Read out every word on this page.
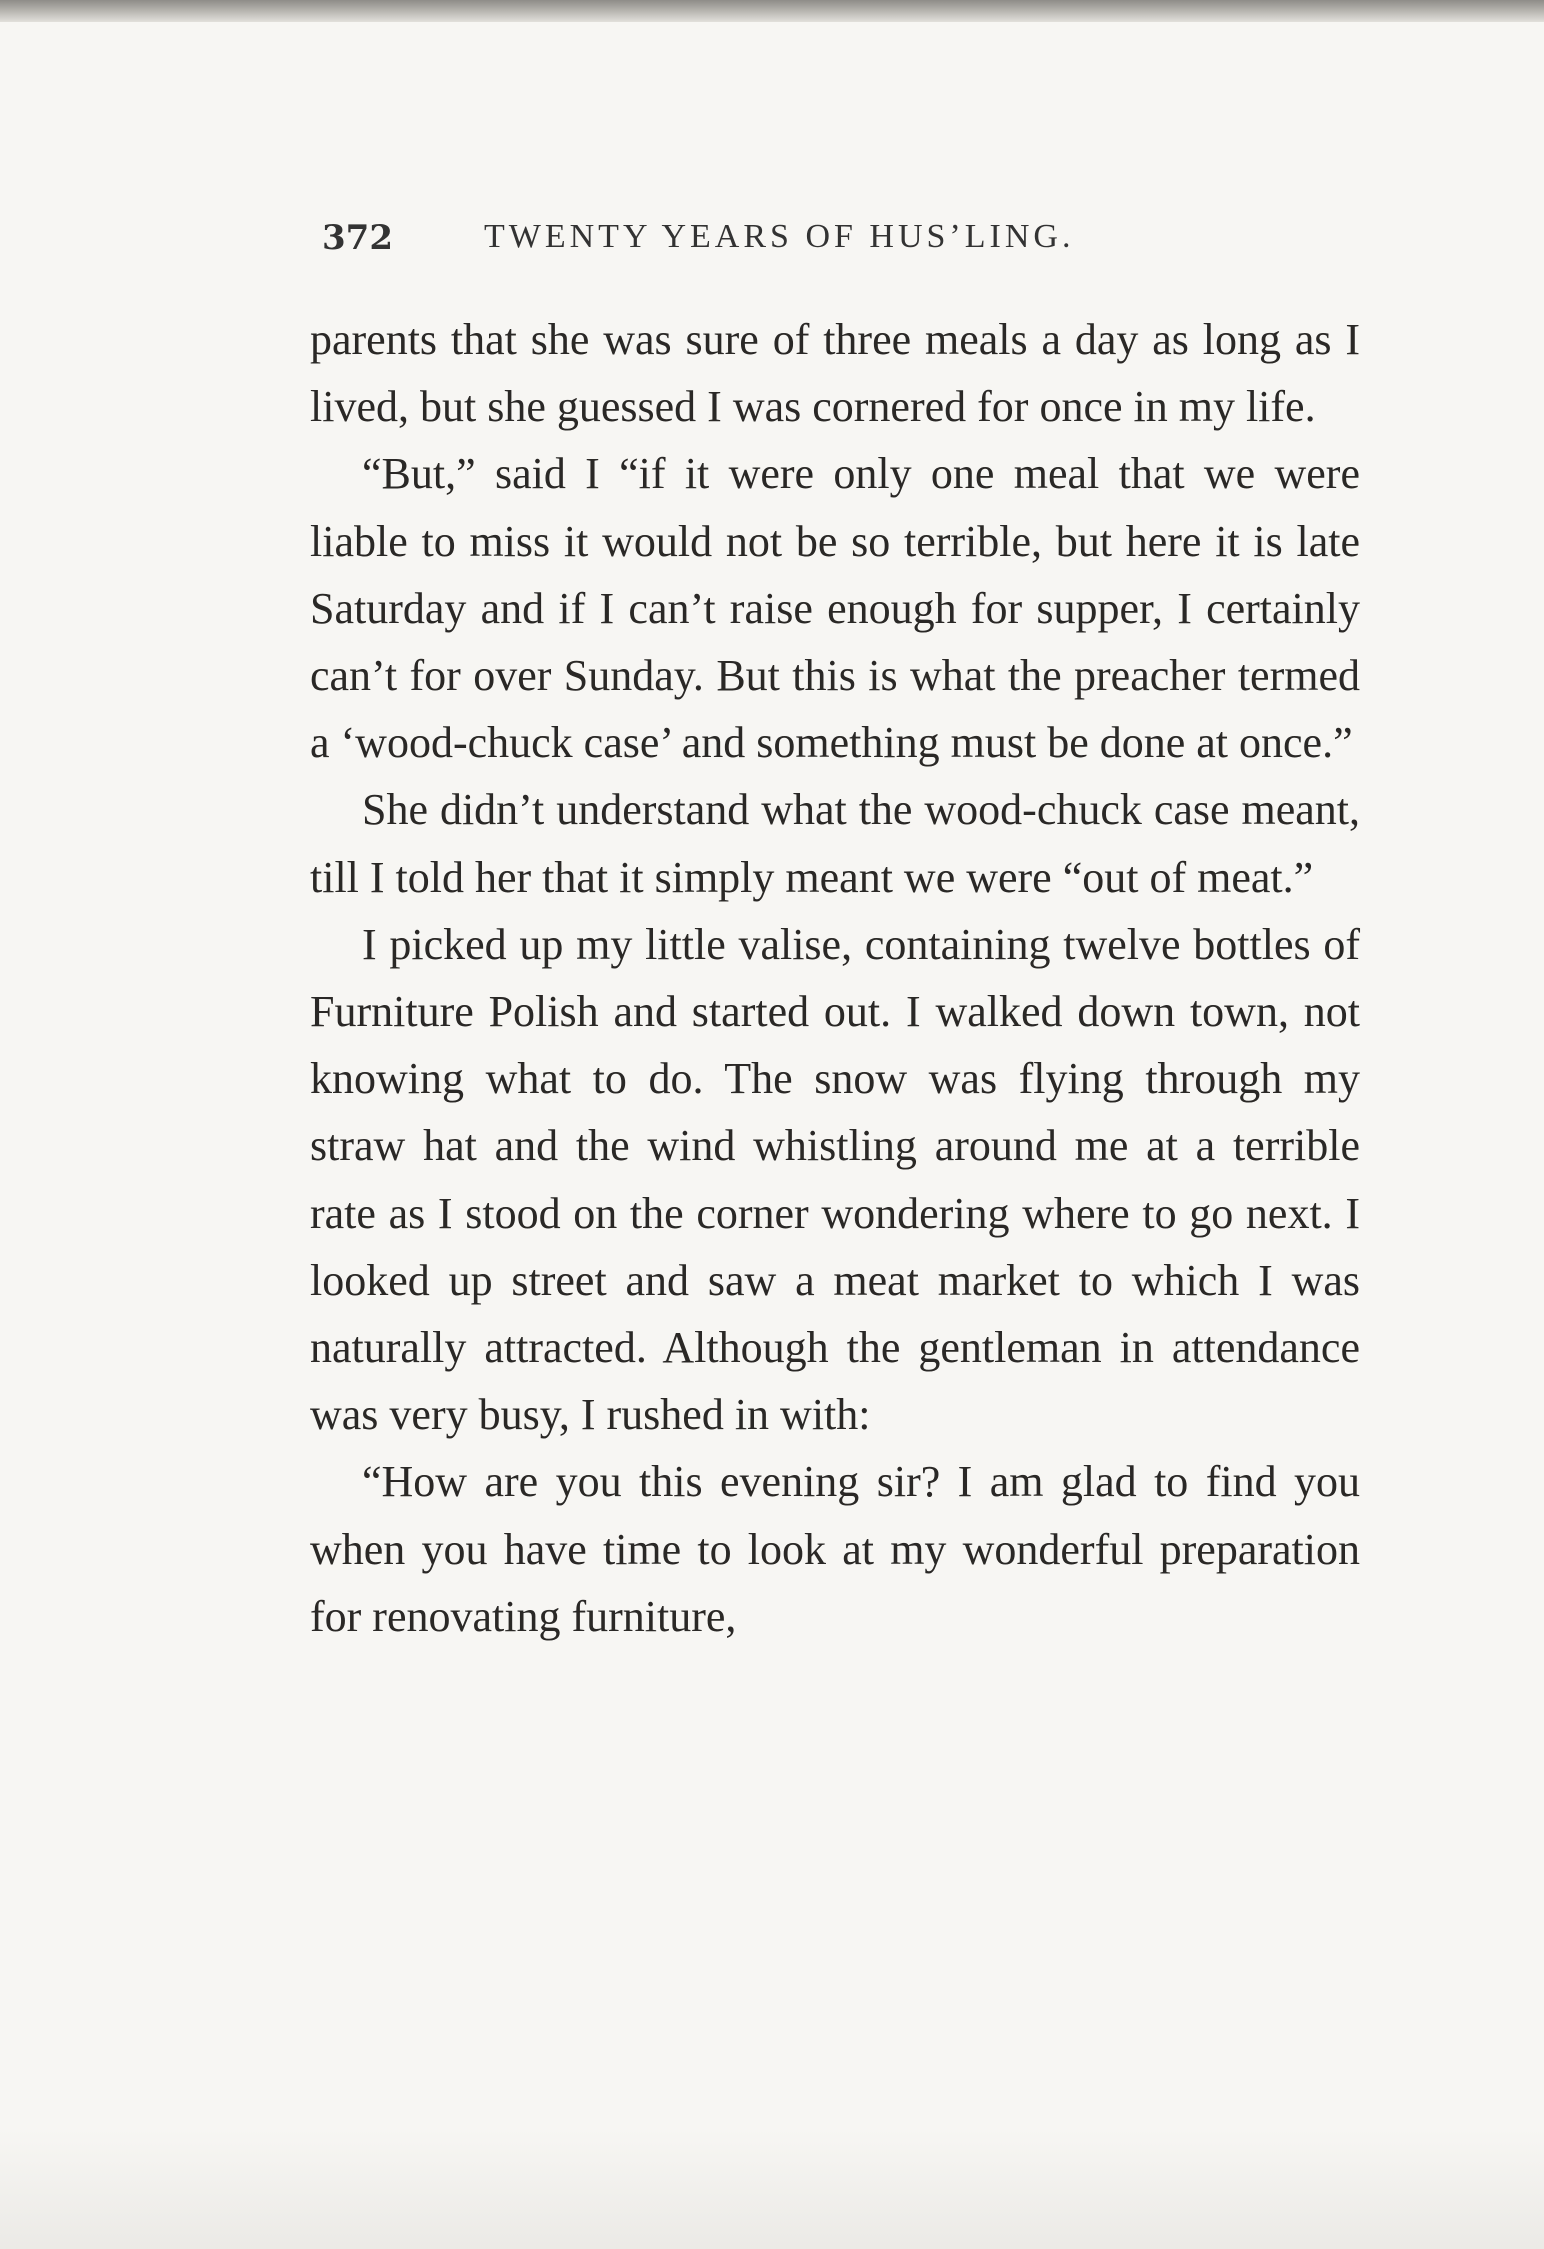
372	TWENTY YEARS OF HUS’LING.

parents that she was sure of three meals a day as long as I lived, but she guessed I was cornered for once in my life.

“But,” said I “if it were only one meal that we were liable to miss it would not be so terrible, but here it is late Saturday and if I can’t raise enough for supper, I certainly can’t for over Sunday. But this is what the preacher termed a ‘wood-chuck case’ and something must be done at once.”

She didn’t understand what the wood-chuck case meant, till I told her that it simply meant we were “out of meat.”

I picked up my little valise, containing twelve bottles of Furniture Polish and started out. I walked down town, not knowing what to do. The snow was flying through my straw hat and the wind whistling around me at a terrible rate as I stood on the corner wondering where to go next. I looked up street and saw a meat market to which I was naturally attracted. Although the gentleman in attendance was very busy, I rushed in with:

“How are you this evening sir? I am glad to find you when you have time to look at my wonderful preparation for renovating furniture,
